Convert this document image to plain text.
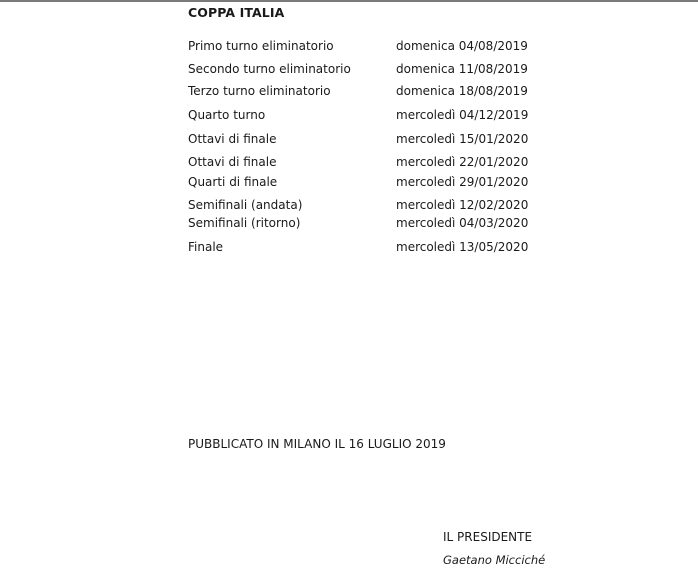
COPPA ITALIA
Primo turno eliminatorio	domenica 04/08/2019
Secondo turno eliminatorio	domenica 11/08/2019
Terzo turno eliminatorio	domenica 18/08/2019
Quarto turno	mercoledì 04/12/2019
Ottavi di finale	mercoledì 15/01/2020
Ottavi di finale	mercoledì 22/01/2020
Quarti di finale	mercoledì 29/01/2020
Semifinali (andata)	mercoledì 12/02/2020
Semifinali (ritorno)	mercoledì 04/03/2020
Finale	mercoledì 13/05/2020
PUBBLICATO IN MILANO IL 16 LUGLIO 2019
IL PRESIDENTE
Gaetano Micciché
